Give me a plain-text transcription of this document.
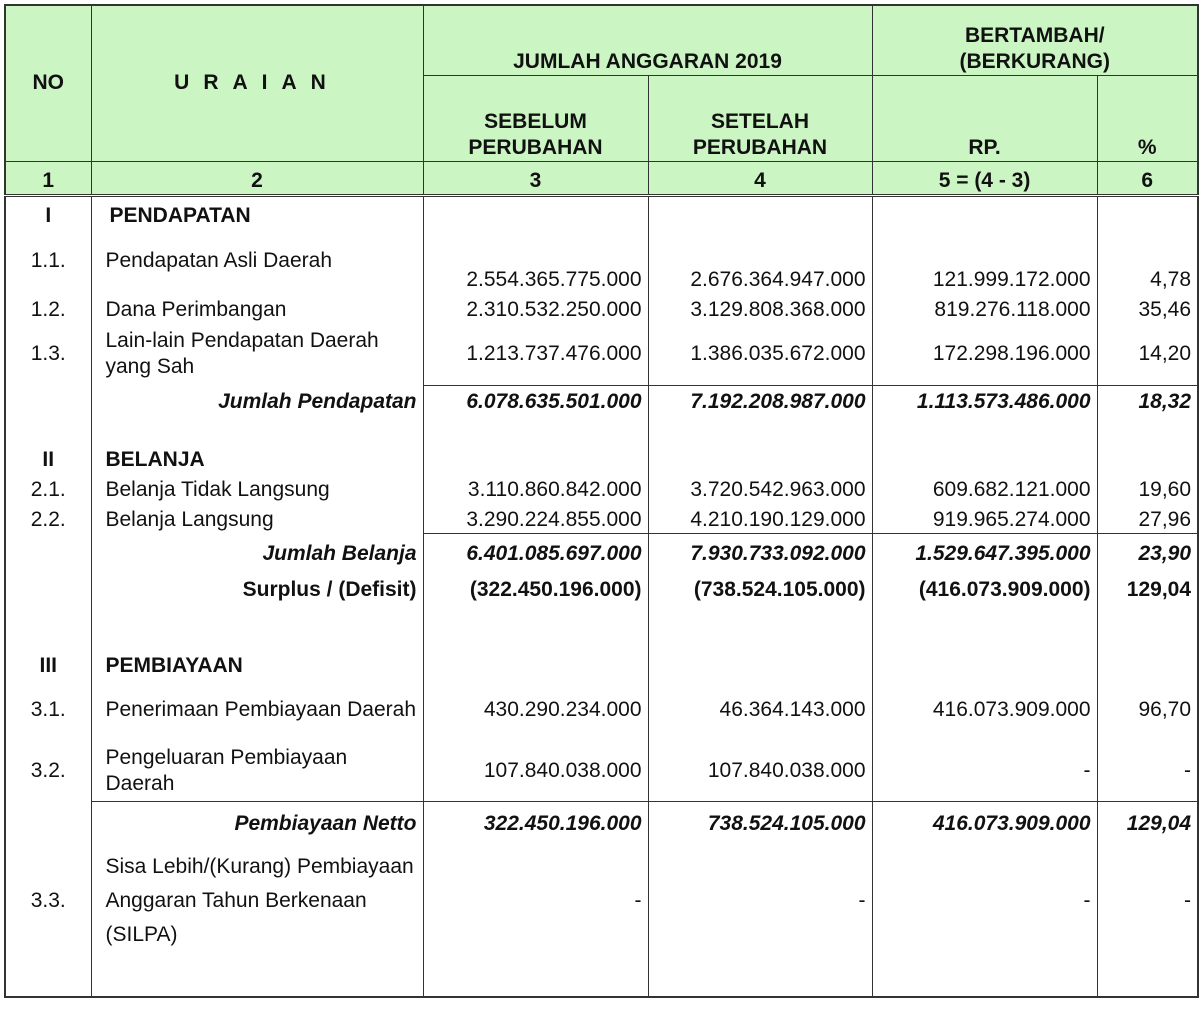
NO	URAIAN	JUMLAH ANGGARAN 2019		BERTAMBAH/ (BERKURANG)	
		SEBELUM PERUBAHAN	SETELAH PERUBAHAN	RP.	%
1	2	3	4	5 = (4 - 3)	6
I	PENDAPATAN				
1.1.	Pendapatan Asli Daerah	2.554.365.775.000	2.676.364.947.000	121.999.172.000	4,78
1.2.	Dana Perimbangan	2.310.532.250.000	3.129.808.368.000	819.276.118.000	35,46
1.3.	Lain-lain Pendapatan Daerah yang Sah	1.213.737.476.000	1.386.035.672.000	172.298.196.000	14,20
	Jumlah Pendapatan	6.078.635.501.000	7.192.208.987.000	1.113.573.486.000	18,32
II	BELANJA				
2.1.	Belanja Tidak Langsung	3.110.860.842.000	3.720.542.963.000	609.682.121.000	19,60
2.2.	Belanja Langsung	3.290.224.855.000	4.210.190.129.000	919.965.274.000	27,96
	Jumlah Belanja	6.401.085.697.000	7.930.733.092.000	1.529.647.395.000	23,90
	Surplus / (Defisit)	(322.450.196.000)	(738.524.105.000)	(416.073.909.000)	129,04
III	PEMBIAYAAN				
3.1.	Penerimaan Pembiayaan Daerah	430.290.234.000	46.364.143.000	416.073.909.000	96,70
3.2.	Pengeluaran Pembiayaan Daerah	107.840.038.000	107.840.038.000	-	-
	Pembiayaan Netto	322.450.196.000	738.524.105.000	416.073.909.000	129,04
3.3.	Sisa Lebih/(Kurang) Pembiayaan Anggaran Tahun Berkenaan (SILPA)	-	-	-	-
